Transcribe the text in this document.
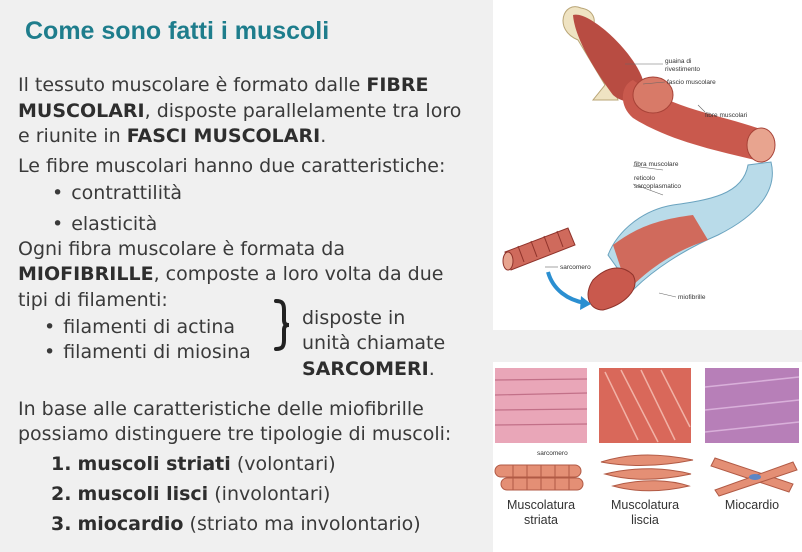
Come sono fatti i muscoli
Il tessuto muscolare è formato dalle FIBRE
MUSCOLARI, disposte parallelamente tra loro
e riunite in FASCI MUSCOLARI.
Le fibre muscolari hanno due caratteristiche:
• contrattilità
• elasticità
Ogni fibra muscolare è formata da
MIOFIBRILLE, composte a loro volta da due
tipi di filamenti:
• filamenti di actina
• filamenti di miosina
disposte in
unità chiamate
SARCOMERI.
In base alle caratteristiche delle miofibrille
possiamo distinguere tre tipologie di muscoli:
1. muscoli striati (volontari)
2. muscoli lisci (involontari)
3. miocardio (striato ma involontario)
guaina di
rivestimento
fascio muscolare
fibre muscolari
fibra muscolare
reticolo
sarcoplasmatico
sarcomero
miofibrille
sarcomero
Muscolatura
striata
Muscolatura
liscia
Miocardio
